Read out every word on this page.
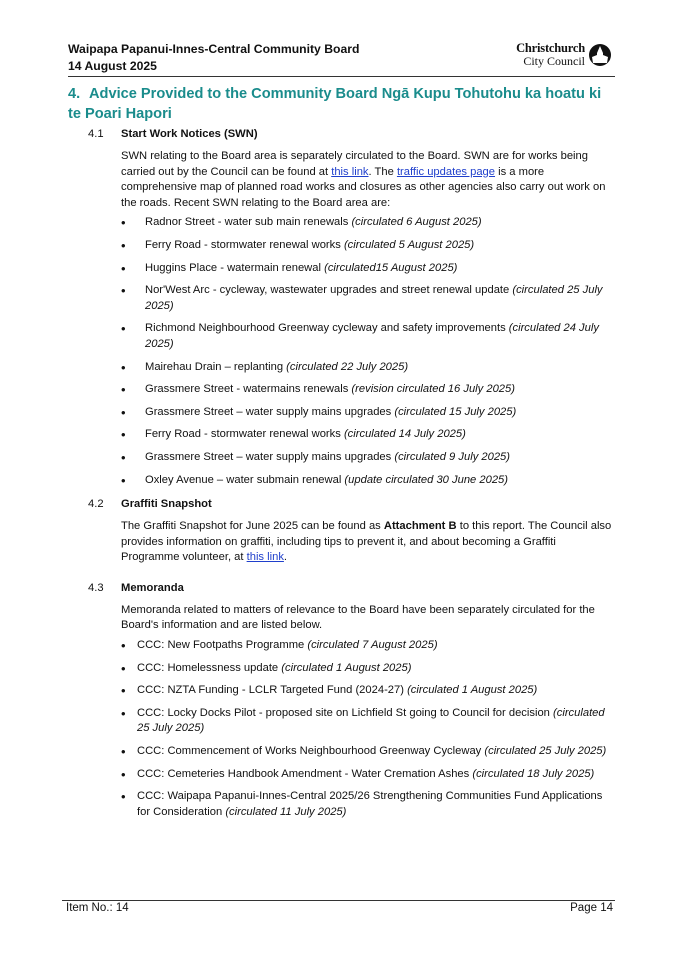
Waipapa Papanui-Innes-Central Community Board
14 August 2025
Christchurch
City Council
4. Advice Provided to the Community Board Ngā Kupu Tohutohu ka hoatu ki te Poari Hapori
4.1	Start Work Notices (SWN)
SWN relating to the Board area is separately circulated to the Board. SWN are for works being carried out by the Council can be found at this link. The traffic updates page is a more comprehensive map of planned road works and closures as other agencies also carry out work on the roads. Recent SWN relating to the Board area are:
• Radnor Street - water sub main renewals (circulated 6 August 2025)
• Ferry Road - stormwater renewal works (circulated 5 August 2025)
• Huggins Place - watermain renewal (circulated15 August 2025)
• Nor'West Arc - cycleway, wastewater upgrades and street renewal update (circulated 25 July 2025)
• Richmond Neighbourhood Greenway cycleway and safety improvements (circulated 24 July 2025)
• Mairehau Drain – replanting (circulated 22 July 2025)
• Grassmere Street - watermains renewals (revision circulated 16 July 2025)
• Grassmere Street – water supply mains upgrades (circulated 15 July 2025)
• Ferry Road - stormwater renewal works (circulated 14 July 2025)
• Grassmere Street – water supply mains upgrades (circulated 9 July 2025)
• Oxley Avenue – water submain renewal (update circulated 30 June 2025)
4.2	Graffiti Snapshot
The Graffiti Snapshot for June 2025 can be found as Attachment B to this report. The Council also provides information on graffiti, including tips to prevent it, and about becoming a Graffiti Programme volunteer, at this link.
4.3	Memoranda
Memoranda related to matters of relevance to the Board have been separately circulated for the Board's information and are listed below.
• CCC: New Footpaths Programme (circulated 7 August 2025)
• CCC: Homelessness update (circulated 1 August 2025)
• CCC: NZTA Funding - LCLR Targeted Fund (2024-27) (circulated 1 August 2025)
• CCC: Locky Docks Pilot - proposed site on Lichfield St going to Council for decision (circulated 25 July 2025)
• CCC: Commencement of Works Neighbourhood Greenway Cycleway (circulated 25 July 2025)
• CCC: Cemeteries Handbook Amendment - Water Cremation Ashes (circulated 18 July 2025)
• CCC: Waipapa Papanui-Innes-Central 2025/26 Strengthening Communities Fund Applications for Consideration (circulated 11 July 2025)
Item No.: 14	Page 14
